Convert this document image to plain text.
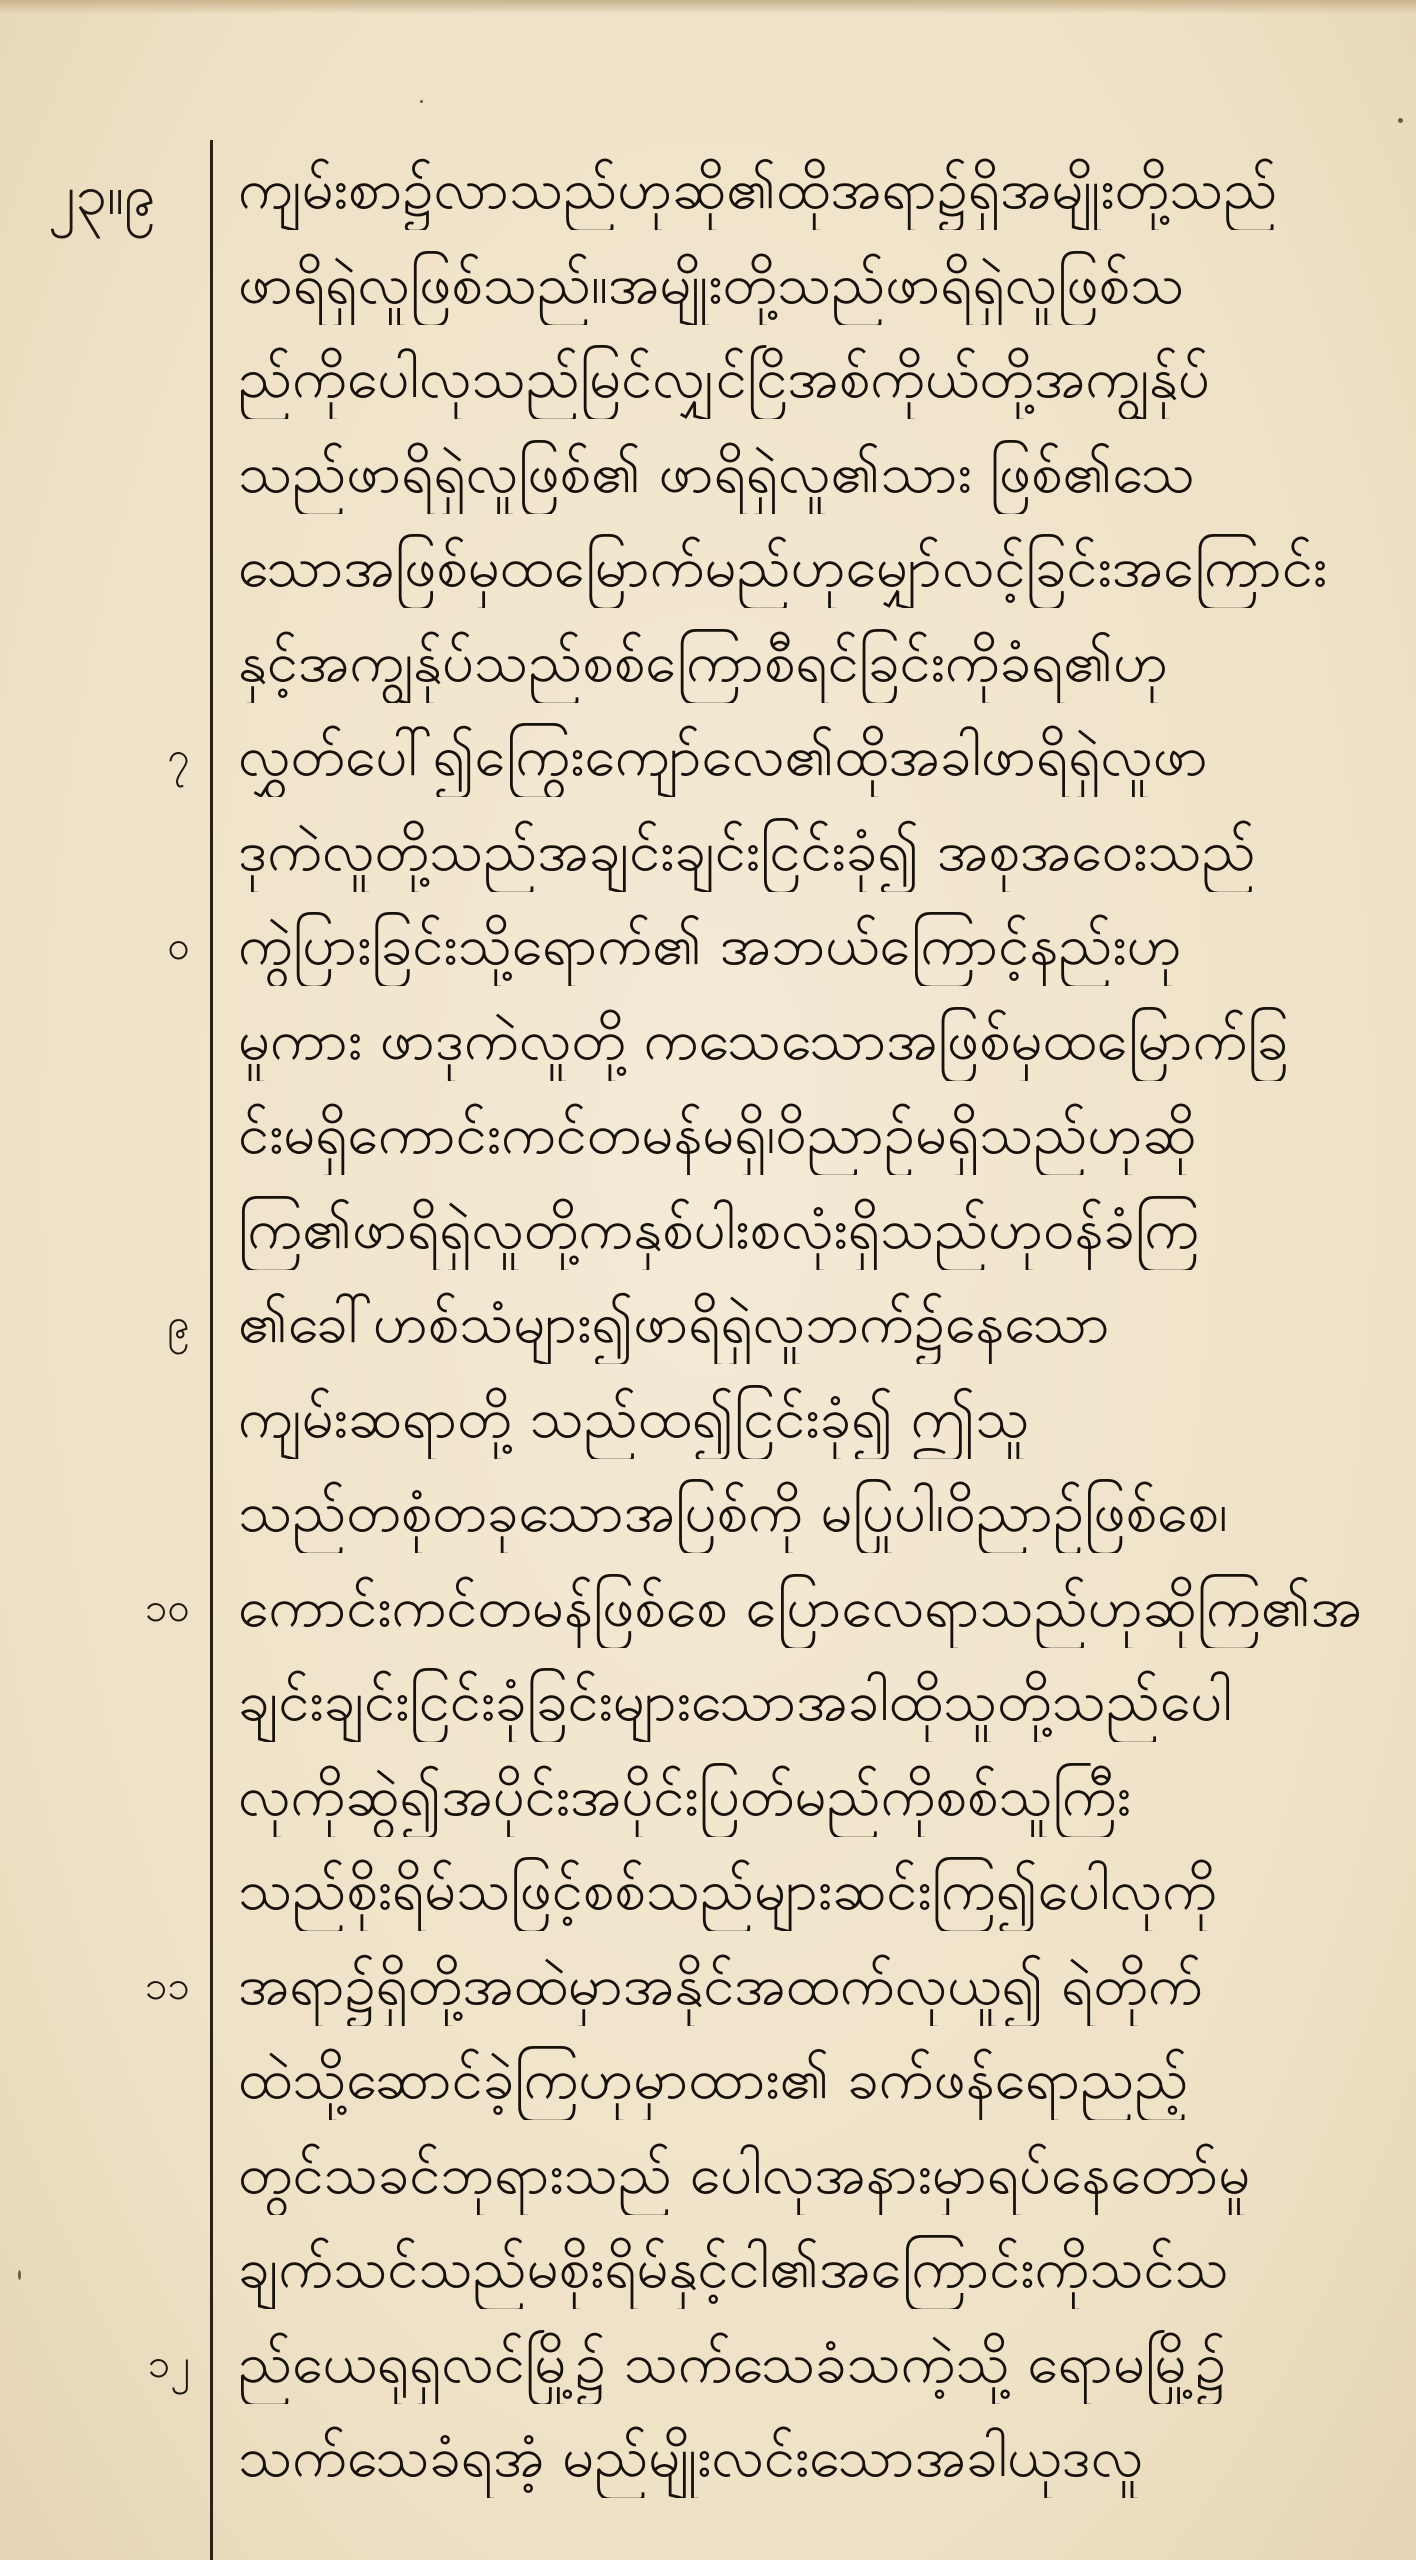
၂၃။၉
၇
၀
၉
၁၀
၁၁
၁၂
ကျမ်းစာ၌လာသည်ဟုဆို၏ထိုအရာ၌ရှိအမျိုးတို့သည်
ဖာရိရှဲလူဖြစ်သည်။အမျိုးတို့သည်ဖာရိရှဲလူဖြစ်သ
ည်ကိုပေါလုသည်မြင်လျှင်ငြိအစ်ကိုယ်တို့အကျွန်ုပ်
သည်ဖာရိရှဲလူဖြစ်၏ ဖာရိရှဲလူ၏သား ဖြစ်၏သေ
သောအဖြစ်မှထမြောက်မည်ဟုမျှော်လင့်ခြင်းအကြောင်း
နှင့်အကျွန်ုပ်သည်စစ်ကြောစီရင်ခြင်းကိုခံရ၏ဟု
လွှတ်ပေါ်၍ကြွေးကျော်လေ၏ထိုအခါဖာရိရှဲလူဖာ
ဒုကဲလူတို့သည်အချင်းချင်းငြင်းခုံ၍ အစုအဝေးသည်
ကွဲပြားခြင်းသို့ရောက်၏ အဘယ်ကြောင့်နည်းဟု
မူကား ဖာဒုကဲလူတို့ ကသေသောအဖြစ်မှထမြောက်ခြ
င်းမရှိကောင်းကင်တမန်မရှိ၊ဝိညာဉ်မရှိသည်ဟုဆို
ကြ၏ဖာရိရှဲလူတို့ကနှစ်ပါးစလုံးရှိသည်ဟုဝန်ခံကြ
၏ခေါ်ဟစ်သံများ၍ဖာရိရှဲလူဘက်၌နေသော
ကျမ်းဆရာတို့ သည်ထ၍ငြင်းခုံ၍ ဤသူ
သည်တစုံတခုသောအပြစ်ကို မပြုပါ၊ဝိညာဉ်ဖြစ်စေ၊
ကောင်းကင်တမန်ဖြစ်စေ ပြောလေရာသည်ဟုဆိုကြ၏အ
ချင်းချင်းငြင်းခုံခြင်းများသောအခါထိုသူတို့သည်ပေါ
လုကိုဆွဲ၍အပိုင်းအပိုင်းပြတ်မည်ကိုစစ်သူကြီး
သည်စိုးရိမ်သဖြင့်စစ်သည်များဆင်းကြ၍ပေါလုကို
အရာ၌ရှိတို့အထဲမှာအနိုင်အထက်လုယူ၍ ရဲတိုက်
ထဲသို့ဆောင်ခဲ့ကြဟုမှာထား၏ ခက်ဖန်ရောညည့်
တွင်သခင်ဘုရားသည် ပေါလုအနားမှာရပ်နေတော်မူ
ချက်သင်သည်မစိုးရိမ်နှင့်ငါ၏အကြောင်းကိုသင်သ
ည်ယေရုရှလင်မြို့၌ သက်သေခံသကဲ့သို့ ရောမမြို့၌
သက်သေခံရအံ့ မည်မျိုးလင်းသောအခါယုဒလူ
